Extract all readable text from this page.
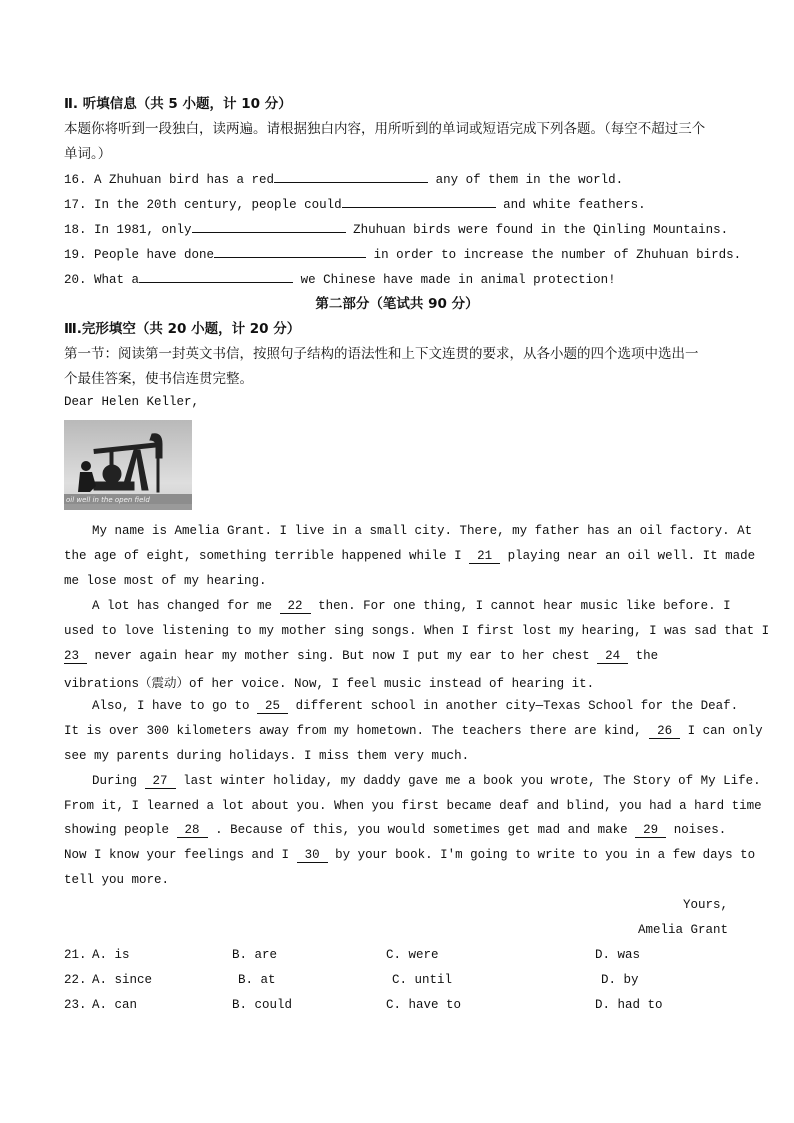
Ⅱ. 听填信息（共 5 小题，计 10 分）
本题你将听到一段独白，读两遍。请根据独白内容，用所听到的单词或短语完成下列各题。（每空不超过三个
单词。）
16. A Zhuhuan bird has a red	any of them in the world.
17. In the 20th century, people could	and white feathers.
18. In 1981, only	Zhuhuan birds were found in the Qinling Mountains.
19. People have done	in order to increase the number of Zhuhuan birds.
20. What a	we Chinese have made in animal protection!
第二部分（笔试共 90 分）
Ⅲ.完形填空（共 20 小题，计 20 分）
第一节：阅读第一封英文书信，按照句子结构的语法性和上下文连贯的要求，从各小题的四个选项中选出一
个最佳答案，使书信连贯完整。
Dear Helen Keller,
oil well in the open field
My name is Amelia Grant. I live in a small city. There, my father has an oil factory. At
the age of eight, something terrible happened while I 21 playing near an oil well. It made
me lose most of my hearing.
A lot has changed for me 22 then. For one thing, I cannot hear music like before. I
used to love listening to my mother sing songs. When I first lost my hearing, I was sad that I
23 never again hear my mother sing. But now I put my ear to her chest 24 the
vibrations（震动）of her voice. Now, I feel music instead of hearing it.
Also, I have to go to 25 different school in another city—Texas School for the Deaf.
It is over 300 kilometers away from my hometown. The teachers there are kind, 26 I can only
see my parents during holidays. I miss them very much.
During 27 last winter holiday, my daddy gave me a book you wrote, The Story of My Life.
From it, I learned a lot about you. When you first became deaf and blind, you had a hard time
showing people 28 . Because of this, you would sometimes get mad and make 29 noises.
Now I know your feelings and I 30 by your book. I'm going to write to you in a few days to
tell you more.
Yours,
Amelia Grant
21. A. is	B. are	C. were	D. was
22. A. since	B. at	C. until	D. by
23. A. can	B. could	C. have to	D. had to
